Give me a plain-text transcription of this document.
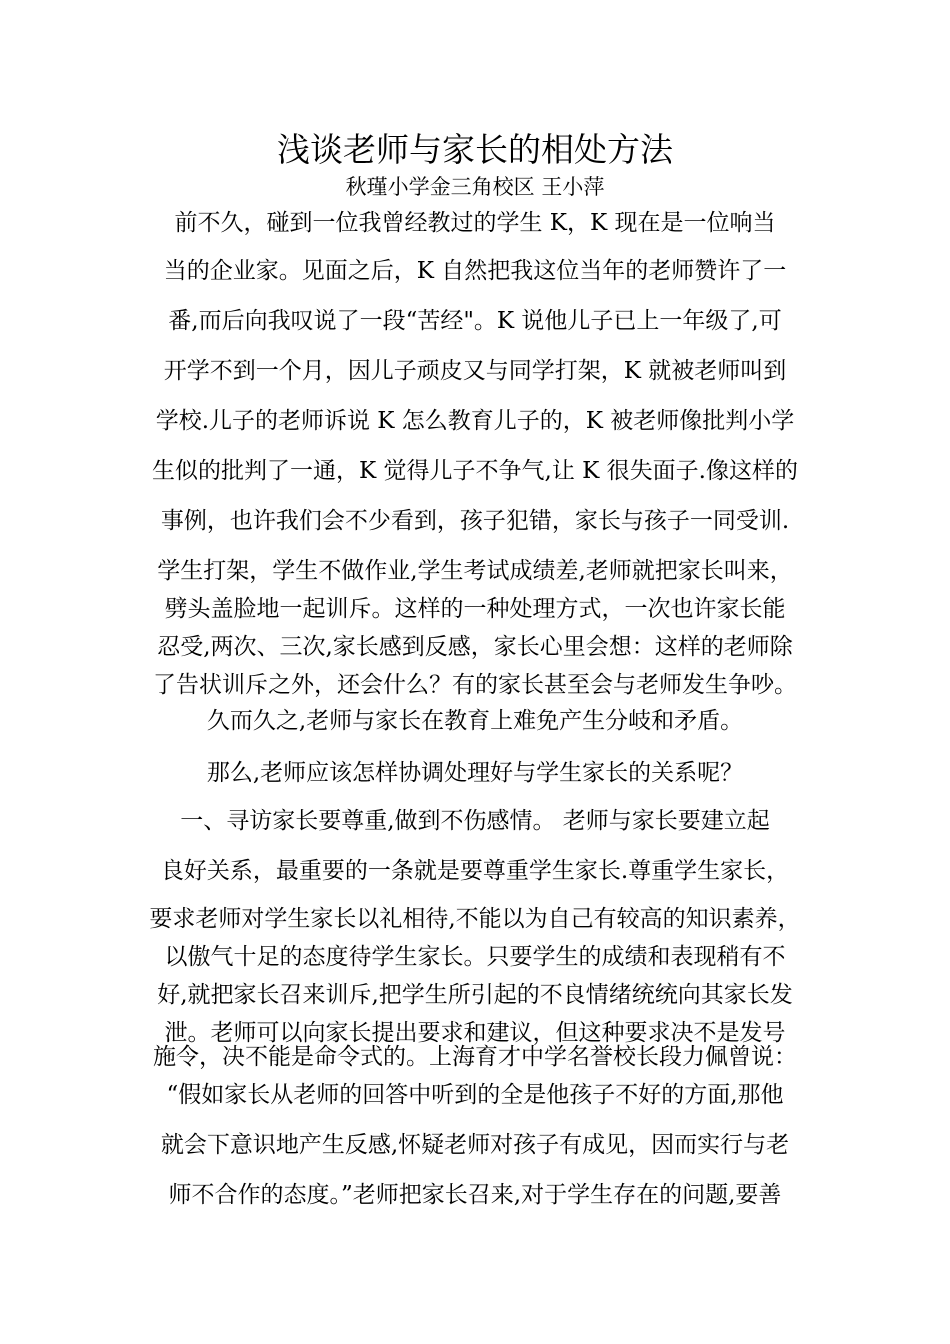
浅谈老师与家长的相处方法
秋瑾小学金三角校区 王小萍
前不久，碰到一位我曾经教过的学生 K，K 现在是一位响当
当的企业家。见面之后，K 自然把我这位当年的老师赞许了一
番,而后向我叹说了一段“苦经"。K 说他儿子已上一年级了,可
开学不到一个月，因儿子顽皮又与同学打架，K 就被老师叫到
学校.儿子的老师诉说 K 怎么教育儿子的，K 被老师像批判小学
生似的批判了一通，K 觉得儿子不争气,让 K 很失面子.像这样的
事例，也许我们会不少看到，孩子犯错，家长与孩子一同受训.
学生打架，学生不做作业,学生考试成绩差,老师就把家长叫来，
劈头盖脸地一起训斥。这样的一种处理方式，一次也许家长能
忍受,两次、三次,家长感到反感，家长心里会想：这样的老师除
了告状训斥之外，还会什么？有的家长甚至会与老师发生争吵。
久而久之,老师与家长在教育上难免产生分岐和矛盾。
那么,老师应该怎样协调处理好与学生家长的关系呢？
一、寻访家长要尊重,做到不伤感情。 老师与家长要建立起
良好关系，最重要的一条就是要尊重学生家长.尊重学生家长，
要求老师对学生家长以礼相待,不能以为自己有较高的知识素养，
以傲气十足的态度待学生家长。只要学生的成绩和表现稍有不
好,就把家长召来训斥,把学生所引起的不良情绪统统向其家长发
泄。老师可以向家长提出要求和建议，但这种要求决不是发号
施令，决不能是命令式的。上海育才中学名誉校长段力佩曾说：
“假如家长从老师的回答中听到的全是他孩子不好的方面,那他
就会下意识地产生反感,怀疑老师对孩子有成见，因而实行与老
师不合作的态度。”老师把家长召来,对于学生存在的问题,要善
